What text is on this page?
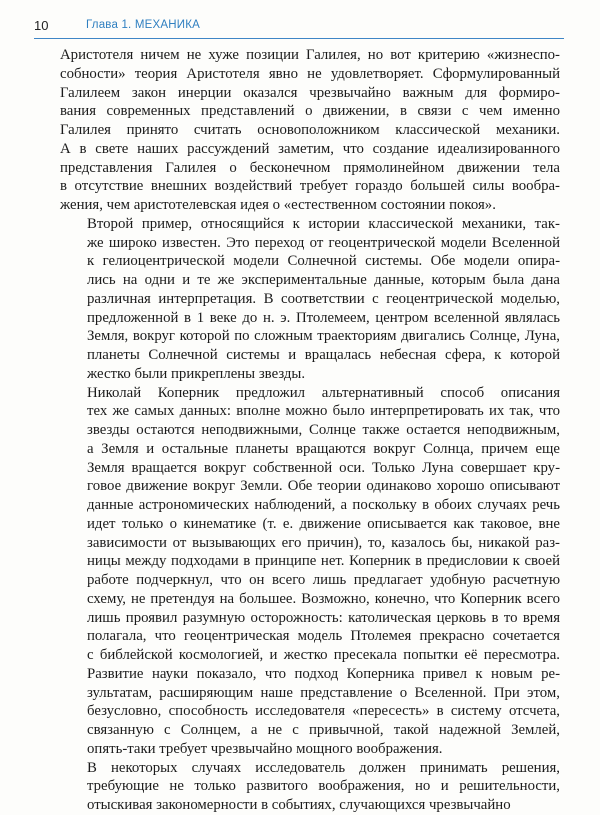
10	Глава 1. МЕХАНИКА
Аристотеля ничем не хуже позиции Галилея, но вот критерию «жизнеспо-
собности» теория Аристотеля явно не удовлетворяет. Сформулированный
Галилеем закон инерции оказался чрезвычайно важным для формиро-
вания современных представлений о движении, в связи с чем именно
Галилея принято считать основоположником классической механики.
А в свете наших рассуждений заметим, что создание идеализированного
представления Галилея о бесконечном прямолинейном движении тела
в отсутствие внешних воздействий требует гораздо большей силы вообра-
жения, чем аристотелевская идея о «естественном состоянии покоя».
Второй пример, относящийся к истории классической механики, так-
же широко известен. Это переход от геоцентрической модели Вселенной
к гелиоцентрической модели Солнечной системы. Обе модели опира-
лись на одни и те же экспериментальные данные, которым была дана
различная интерпретация. В соответствии с геоцентрической моделью,
предложенной в 1 веке до н. э. Птолемеем, центром вселенной являлась
Земля, вокруг которой по сложным траекториям двигались Солнце, Луна,
планеты Солнечной системы и вращалась небесная сфера, к которой
жестко были прикреплены звезды.
Николай Коперник предложил альтернативный способ описания
тех же самых данных: вполне можно было интерпретировать их так, что
звезды остаются неподвижными, Солнце также остается неподвижным,
а Земля и остальные планеты вращаются вокруг Солнца, причем еще
Земля вращается вокруг собственной оси. Только Луна совершает кру-
говое движение вокруг Земли. Обе теории одинаково хорошо описывают
данные астрономических наблюдений, а поскольку в обоих случаях речь
идет только о кинематике (т. е. движение описывается как таковое, вне
зависимости от вызывающих его причин), то, казалось бы, никакой раз-
ницы между подходами в принципе нет. Коперник в предисловии к своей
работе подчеркнул, что он всего лишь предлагает удобную расчетную
схему, не претендуя на большее. Возможно, конечно, что Коперник всего
лишь проявил разумную осторожность: католическая церковь в то время
полагала, что геоцентрическая модель Птолемея прекрасно сочетается
с библейской космологией, и жестко пресекала попытки её пересмотра.
Развитие науки показало, что подход Коперника привел к новым ре-
зультатам, расширяющим наше представление о Вселенной. При этом,
безусловно, способность исследователя «пересесть» в систему отсчета,
связанную с Солнцем, а не с привычной, такой надежной Землей,
опять-таки требует чрезвычайно мощного воображения.
В некоторых случаях исследователь должен принимать решения,
требующие не только развитого воображения, но и решительности,
отыскивая закономерности в событиях, случающихся чрезвычайно
